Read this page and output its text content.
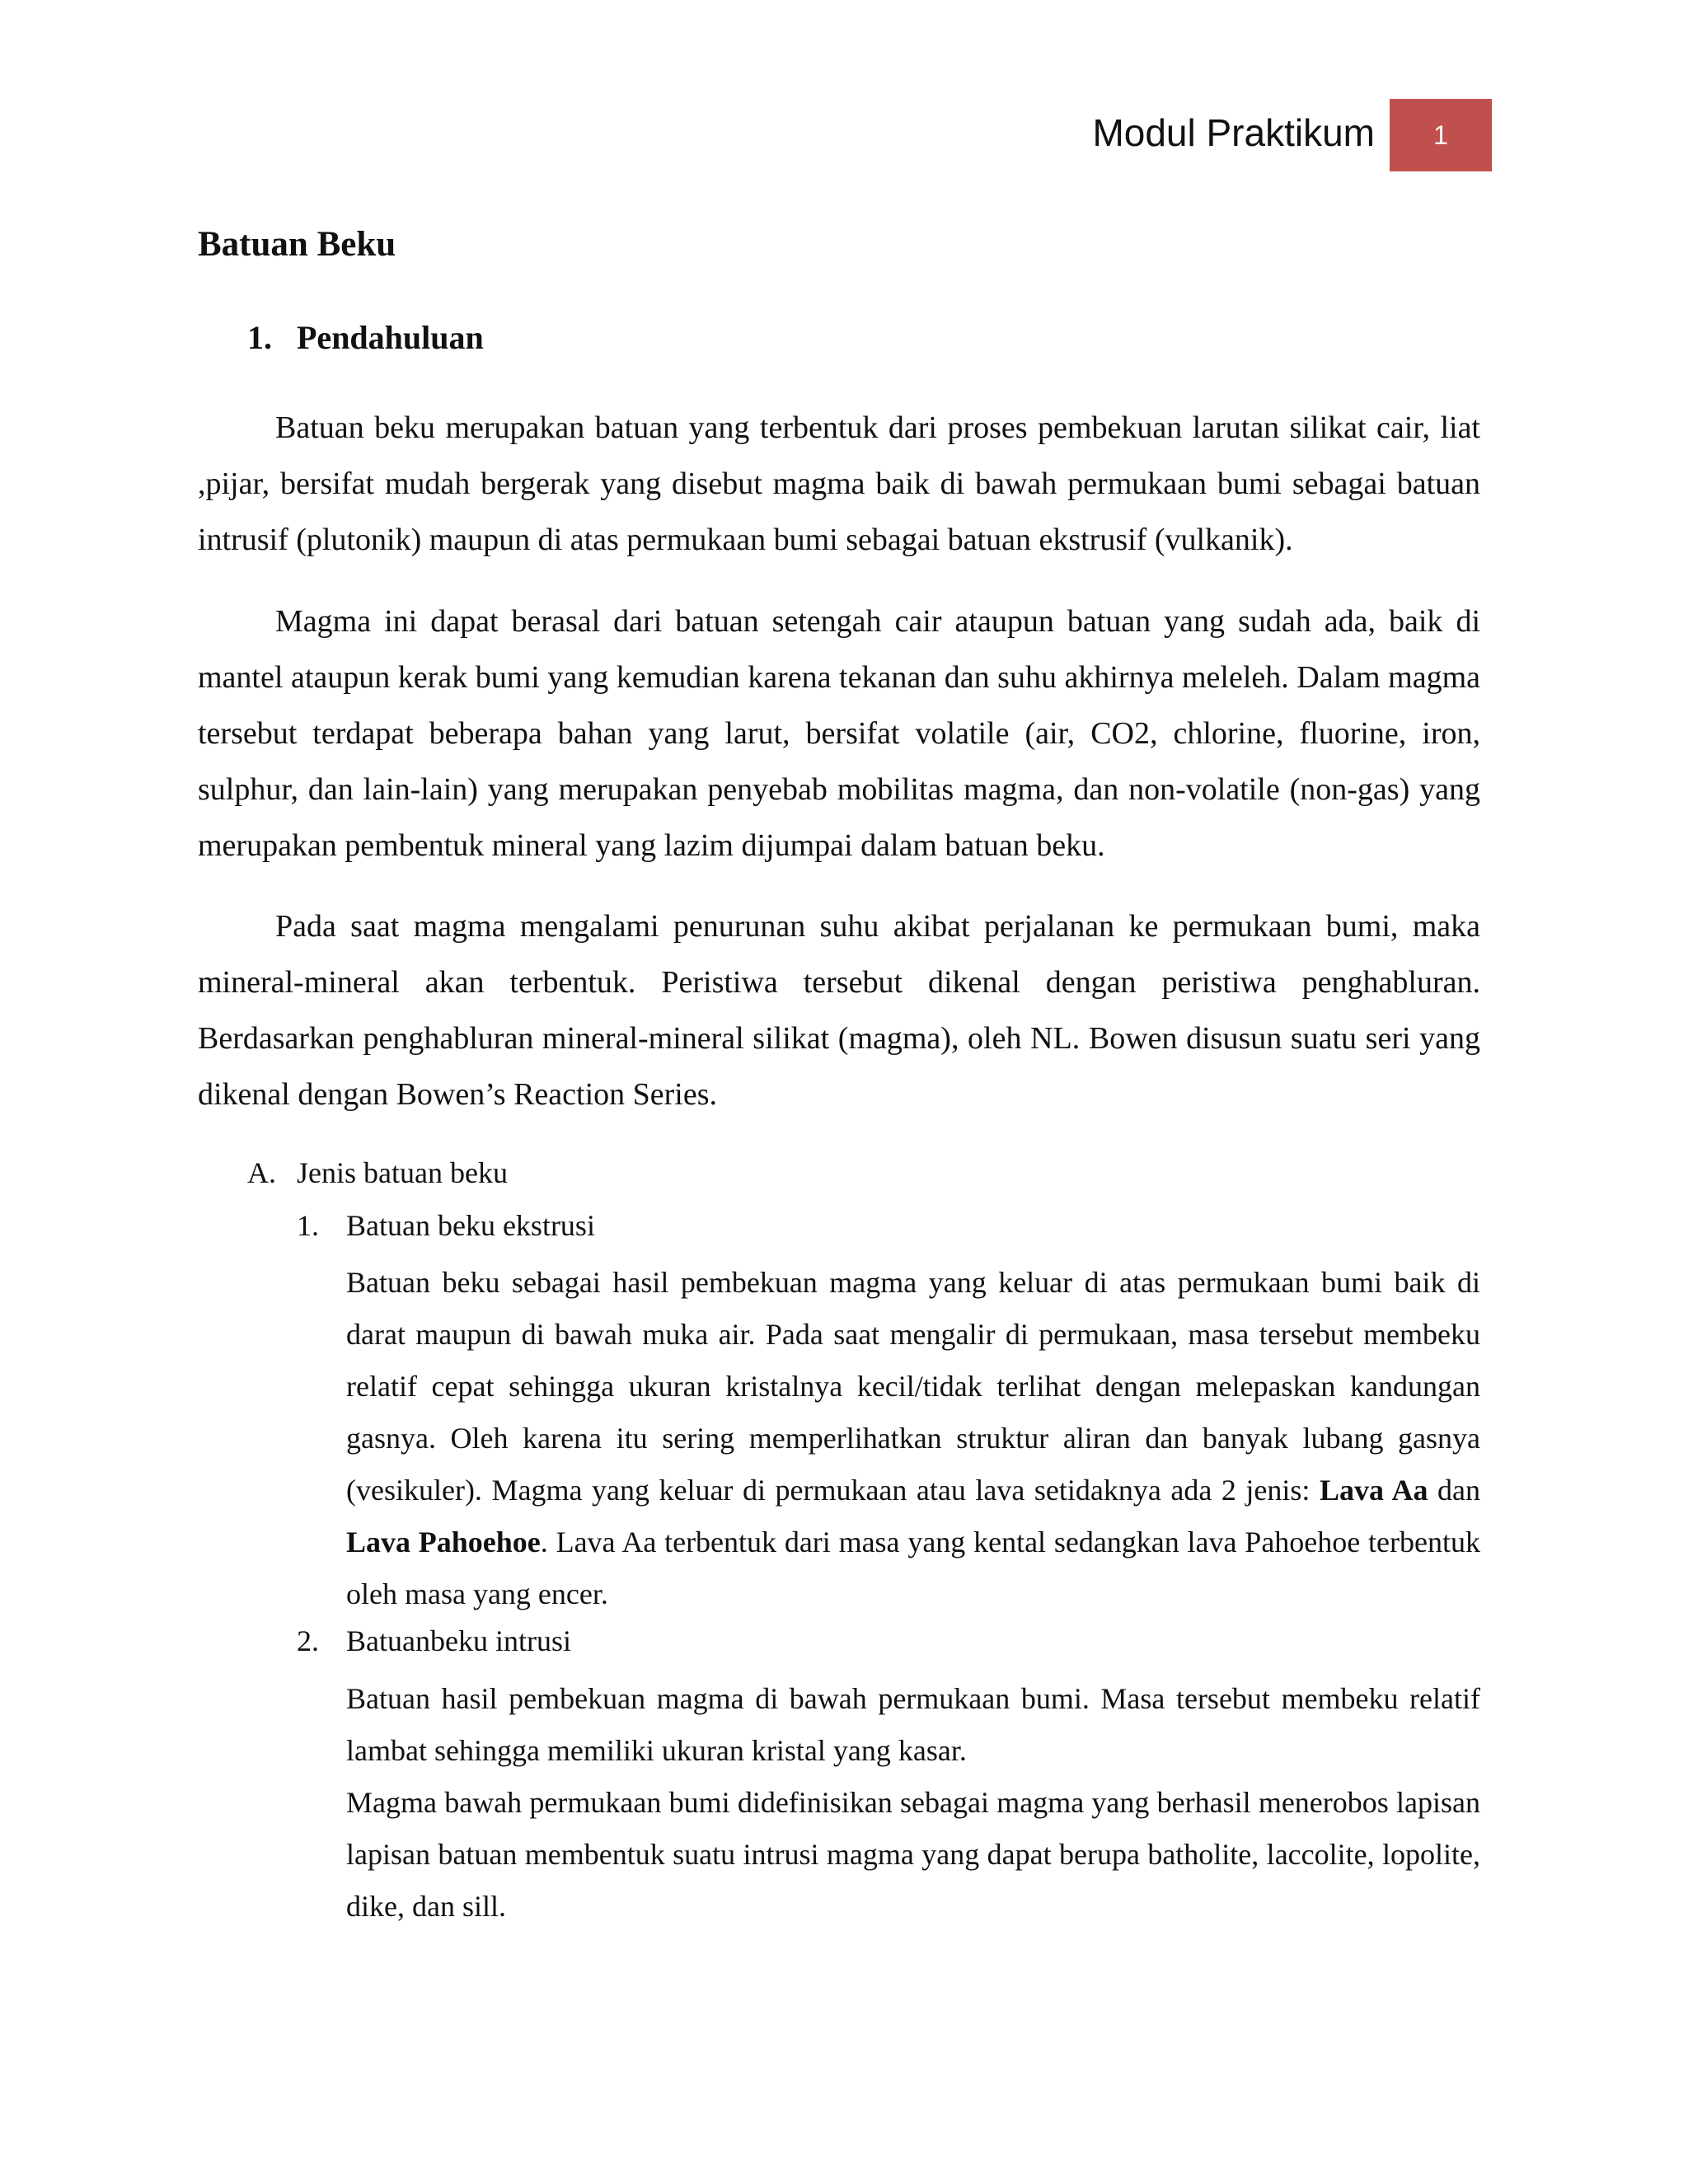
Modul Praktikum	1
Batuan Beku
1. Pendahuluan

Batuan beku merupakan batuan yang terbentuk dari proses pembekuan larutan silikat cair, liat ,pijar, bersifat mudah bergerak yang disebut magma baik di bawah permukaan bumi sebagai batuan intrusif (plutonik) maupun di atas permukaan bumi sebagai batuan ekstrusif (vulkanik).

Magma ini dapat berasal dari batuan setengah cair ataupun batuan yang sudah ada, baik di mantel ataupun kerak bumi yang kemudian karena tekanan dan suhu akhirnya meleleh. Dalam magma tersebut terdapat beberapa bahan yang larut, bersifat volatile (air, CO2, chlorine, fluorine, iron, sulphur, dan lain-lain) yang merupakan penyebab mobilitas magma, dan non-volatile (non-gas) yang merupakan pembentuk mineral yang lazim dijumpai dalam batuan beku.

Pada saat magma mengalami penurunan suhu akibat perjalanan ke permukaan bumi, maka mineral-mineral akan terbentuk. Peristiwa tersebut dikenal dengan peristiwa penghabluran. Berdasarkan penghabluran mineral-mineral silikat (magma), oleh NL. Bowen disusun suatu seri yang dikenal dengan Bowen’s Reaction Series.

A. Jenis batuan beku

1. Batuan beku ekstrusi

Batuan beku sebagai hasil pembekuan magma yang keluar di atas permukaan bumi baik di darat maupun di bawah muka air. Pada saat mengalir di permukaan, masa tersebut membeku relatif cepat sehingga ukuran kristalnya kecil/tidak terlihat dengan melepaskan kandungan gasnya. Oleh karena itu sering memperlihatkan struktur aliran dan banyak lubang gasnya (vesikuler). Magma yang keluar di permukaan atau lava setidaknya ada 2 jenis: Lava Aa dan Lava Pahoehoe. Lava Aa terbentuk dari masa yang kental sedangkan lava Pahoehoe terbentuk oleh masa yang encer.

2. Batuanbeku intrusi

Batuan hasil pembekuan magma di bawah permukaan bumi. Masa tersebut membeku relatif lambat sehingga memiliki ukuran kristal yang kasar.

Magma bawah permukaan bumi didefinisikan sebagai magma yang berhasil menerobos lapisan lapisan batuan membentuk suatu intrusi magma yang dapat berupa batholite, laccolite, lopolite, dike, dan sill.
